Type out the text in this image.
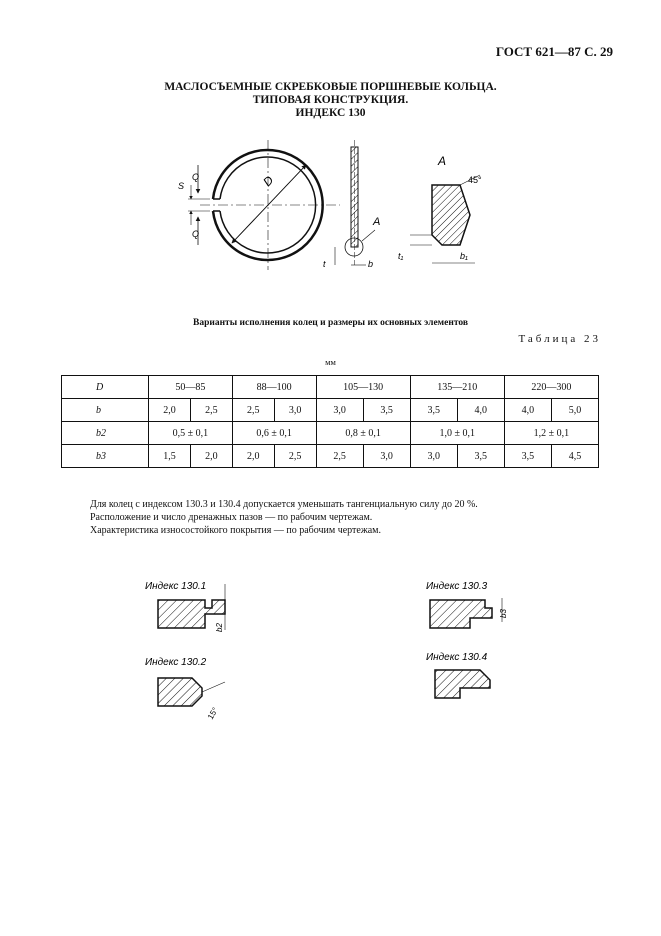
ГОСТ 621—87 С. 29
МАСЛОСЪЕМНЫЕ СКРЕБКОВЫЕ ПОРШНЕВЫЕ КОЛЬЦА.
ТИПОВАЯ КОНСТРУКЦИЯ.
ИНДЕКС 130
D
Q
Q
S
A
t	b
A
45°
t₁	b₁
Варианты исполнения колец и размеры их основных элементов
Таблица 23
мм
D	50—85		88—100		105—130		135—210		220—300	
b	2,0	2,5	2,5	3,0	3,0	3,5	3,5	4,0	4,0	5,0
b2	0,5 ± 0,1		0,6 ± 0,1		0,8 ± 0,1		1,0 ± 0,1		1,2 ± 0,1	
b3	1,5	2,0	2,0	2,5	2,5	3,0	3,0	3,5	3,5	4,5
Для колец с индексом 130.3 и 130.4 допускается уменьшать тангенциальную силу до 20 %.
Расположение и число дренажных пазов — по рабочим чертежам.
Характеристика износостойкого покрытия — по рабочим чертежам.
Индекс 130.1
b2
Индекс 130.2
15°
Индекс 130.3
b3
Индекс 130.4
